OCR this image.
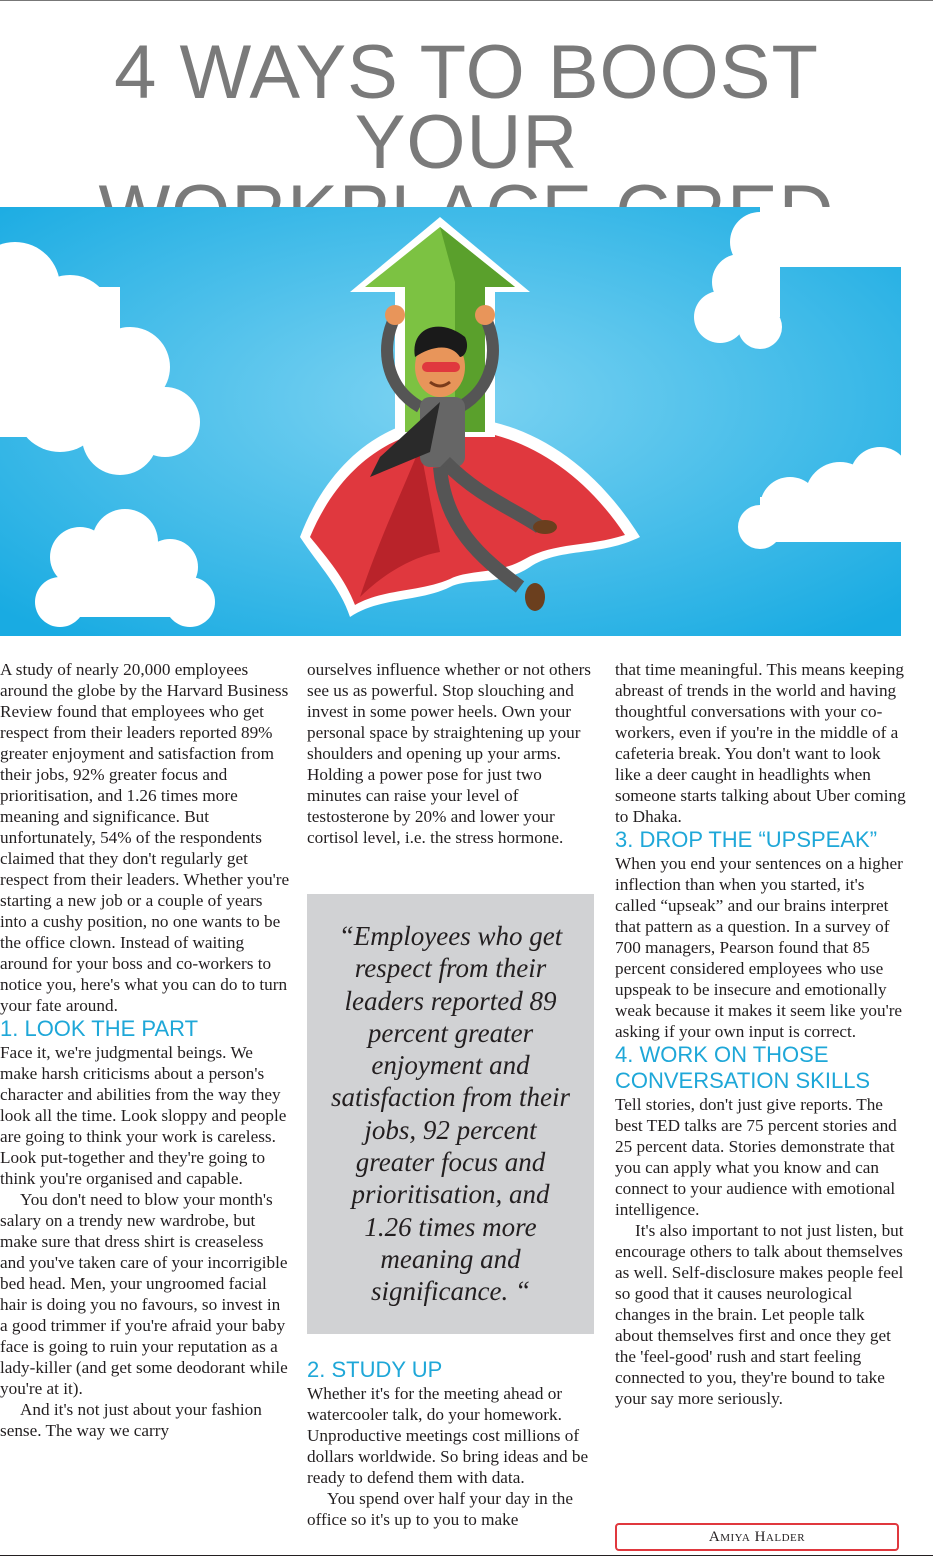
4 WAYS TO BOOST YOUR

A study of nearly 20,000 employees around the globe by the Harvard Business Review found that employees who get respect from their leaders reported 89% greater enjoyment and satisfaction from their jobs, 92% greater focus and prioritisation, and 1.26 times more meaning and significance. But unfortunately, 54% of the respondents claimed that they don't regularly get respect from their leaders. Whether you're starting a new job or a couple of years into a cushy position, no one wants to be the office clown. Instead of waiting around for your boss and co-workers to notice you, here's what you can do to turn your fate around.

1. LOOK THE PART

Face it, we're judgmental beings. We make harsh criticisms about a person's character and abilities from the way they look all the time. Look sloppy and people are going to think your work is careless. Look put-together and they're going to think you're organised and capable.

You don't need to blow your month's salary on a trendy new wardrobe, but make sure that dress shirt is creaseless and you've taken care of your incorrigible bed head. Men, your ungroomed facial hair is doing you no favours, so invest in a good trimmer if you're afraid your baby face is going to ruin your reputation as a lady-killer (and get some deodorant while you're at it).

And it's not just about your fashion sense. The way we carry

ourselves influence whether or not others see us as powerful. Stop slouching and invest in some power heels. Own your personal space by straightening up your shoulders and opening up your arms. Holding a power pose for just two minutes can raise your level of testosterone by 20% and lower your cortisol level, i.e. the stress hormone.

“Employees who get respect from their leaders reported 89 percent greater enjoyment and satisfaction from their jobs, 92 percent greater focus and prioritisation, and 1.26 times more meaning and significance. “
2. STUDY UP

Whether it's for the meeting ahead or watercooler talk, do your homework. Unproductive meetings cost millions of dollars worldwide. So bring ideas and be ready to defend them with data.

You spend over half your day in the office so it's up to you to make

that time meaningful. This means keeping abreast of trends in the world and having thoughtful conversations with your co-workers, even if you're in the middle of a cafeteria break. You don't want to look like a deer caught in headlights when someone starts talking about Uber coming to Dhaka.

3. DROP THE “UPSPEAK”

When you end your sentences on a higher inflection than when you started, it's called “upseak” and our brains interpret that pattern as a question. In a survey of 700 managers, Pearson found that 85 percent considered employees who use upspeak to be insecure and emotionally weak because it makes it seem like you're asking if your own input is correct.

4. WORK ON THOSE CONVERSATION SKILLS

Tell stories, don't just give reports. The best TED talks are 75 percent stories and 25 percent data. Stories demonstrate that you can apply what you know and can connect to your audience with emotional intelligence.

It's also important to not just listen, but encourage others to talk about themselves as well. Self-disclosure makes people feel so good that it causes neurological changes in the brain. Let people talk about themselves first and once they get the 'feel-good' rush and start feeling connected to you, they're bound to take your say more seriously.

Amiya Halder
